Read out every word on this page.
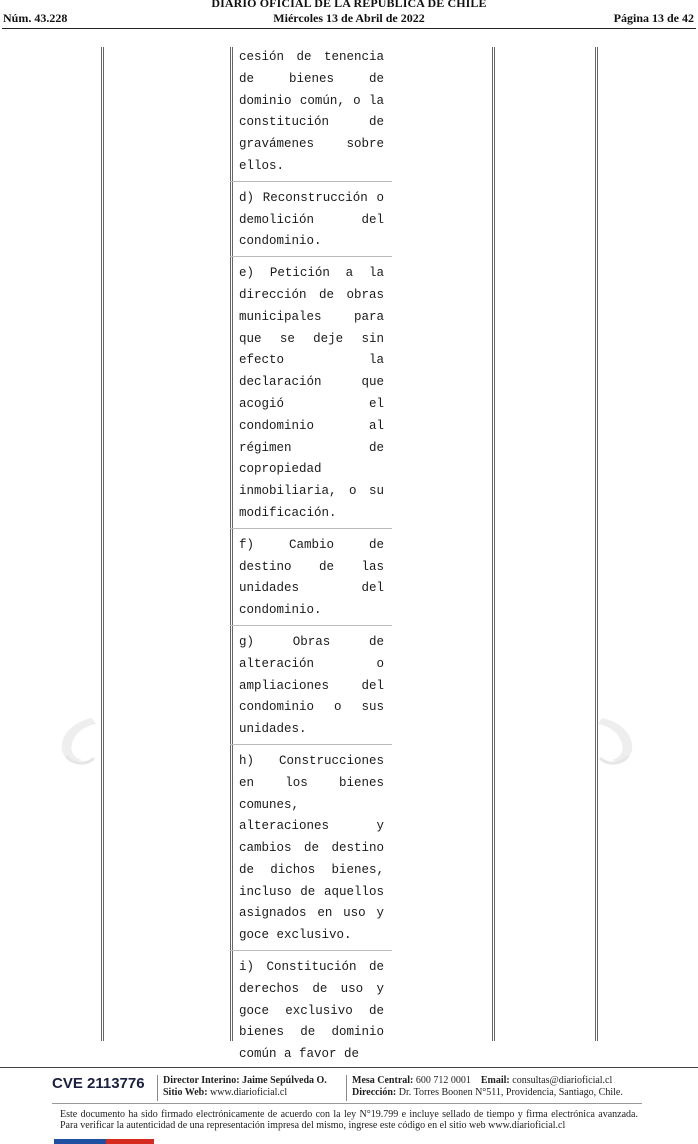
DIARIO OFICIAL DE LA REPUBLICA DE CHILE
Núm. 43.228	Miércoles 13 de Abril de 2022	Página 13 de 42
cesión de tenencia
de bienes de
dominio común, o la
constitución de
gravámenes sobre
ellos.
d) Reconstrucción o
demolición del
condominio.
e) Petición a la
dirección de obras
municipales para
que se deje sin
efecto la
declaración que
acogió el
condominio al
régimen de
copropiedad
inmobiliaria, o su
modificación.
f) Cambio de
destino de las
unidades del
condominio.
g) Obras de
alteración o
ampliaciones del
condominio o sus
unidades.
h) Construcciones
en los bienes
comunes,
alteraciones y
cambios de destino
de dichos bienes,
incluso de aquellos
asignados en uso y
goce exclusivo.
i) Constitución de
derechos de uso y
goce exclusivo de
bienes de dominio
común a favor de
CVE 2113776 Director Interino: Jaime Sepúlveda O.
Sitio Web: www.diarioficial.cl
Mesa Central: 600 712 0001 Email: consultas@diarioficial.cl
Dirección: Dr. Torres Boonen N°511, Providencia, Santiago, Chile.
Este documento ha sido firmado electrónicamente de acuerdo con la ley N°19.799 e incluye sellado de tiempo y firma electrónica avanzada. Para verificar la autenticidad de una representación impresa del mismo, ingrese este código en el sitio web www.diarioficial.cl
